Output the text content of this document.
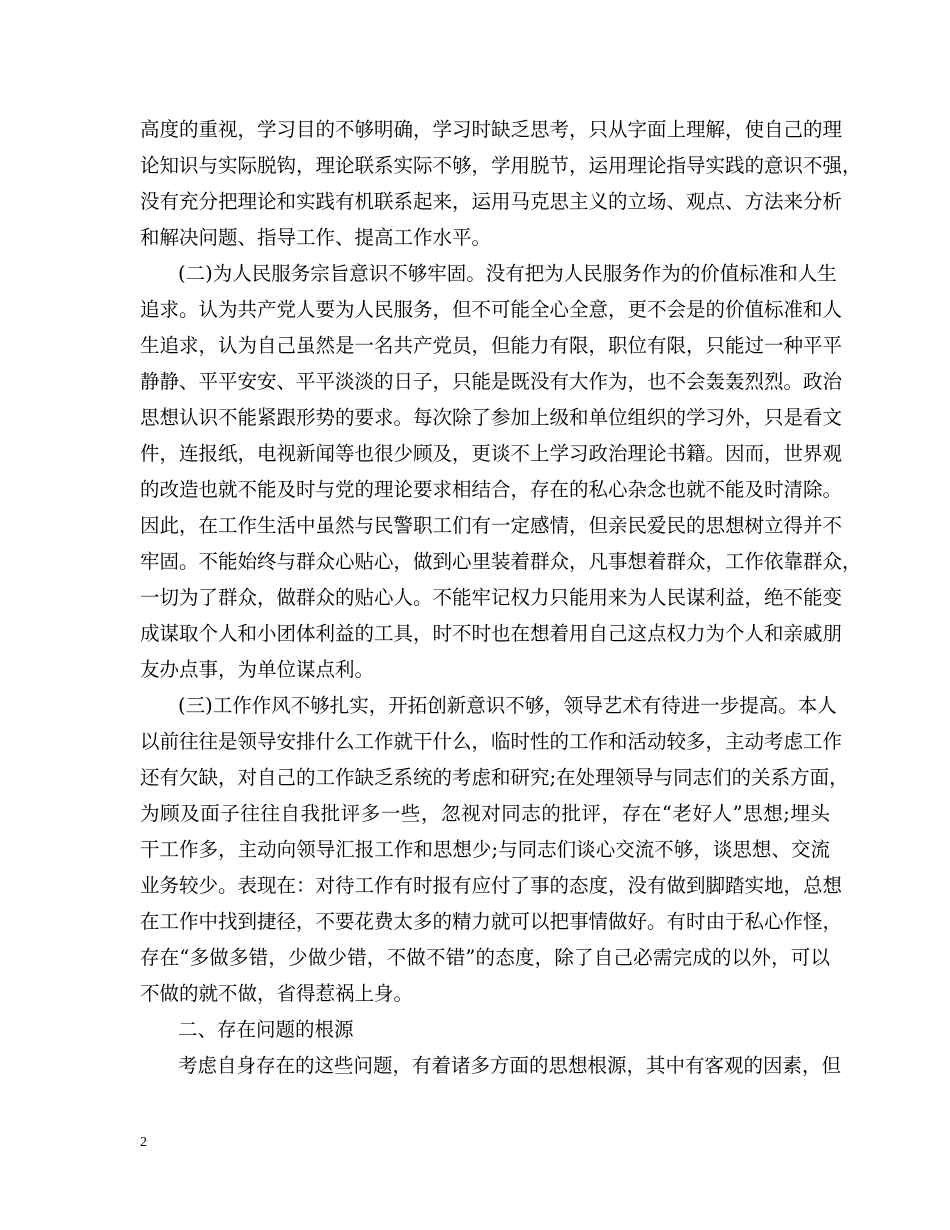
高度的重视，学习目的不够明确，学习时缺乏思考，只从字面上理解，使自己的理
论知识与实际脱钩，理论联系实际不够，学用脱节，运用理论指导实践的意识不强，
没有充分把理论和实践有机联系起来，运用马克思主义的立场、观点、方法来分析
和解决问题、指导工作、提高工作水平。
(二)为人民服务宗旨意识不够牢固。没有把为人民服务作为的价值标准和人生
追求。认为共产党人要为人民服务，但不可能全心全意，更不会是的价值标准和人
生追求，认为自己虽然是一名共产党员，但能力有限，职位有限，只能过一种平平
静静、平平安安、平平淡淡的日子，只能是既没有大作为，也不会轰轰烈烈。政治
思想认识不能紧跟形势的要求。每次除了参加上级和单位组织的学习外，只是看文
件，连报纸，电视新闻等也很少顾及，更谈不上学习政治理论书籍。因而，世界观
的改造也就不能及时与党的理论要求相结合，存在的私心杂念也就不能及时清除。
因此，在工作生活中虽然与民警职工们有一定感情，但亲民爱民的思想树立得并不
牢固。不能始终与群众心贴心，做到心里装着群众，凡事想着群众，工作依靠群众，
一切为了群众，做群众的贴心人。不能牢记权力只能用来为人民谋利益，绝不能变
成谋取个人和小团体利益的工具，时不时也在想着用自己这点权力为个人和亲戚朋
友办点事，为单位谋点利。
(三)工作作风不够扎实，开拓创新意识不够，领导艺术有待进一步提高。本人
以前往往是领导安排什么工作就干什么，临时性的工作和活动较多，主动考虑工作
还有欠缺，对自己的工作缺乏系统的考虑和研究;在处理领导与同志们的关系方面，
为顾及面子往往自我批评多一些，忽视对同志的批评，存在“老好人”思想;埋头
干工作多，主动向领导汇报工作和思想少;与同志们谈心交流不够，谈思想、交流
业务较少。表现在：对待工作有时报有应付了事的态度，没有做到脚踏实地，总想
在工作中找到捷径，不要花费太多的精力就可以把事情做好。有时由于私心作怪，
存在“多做多错，少做少错，不做不错”的态度，除了自己必需完成的以外，可以
不做的就不做，省得惹祸上身。
二、存在问题的根源
考虑自身存在的这些问题，有着诸多方面的思想根源，其中有客观的因素，但
2
